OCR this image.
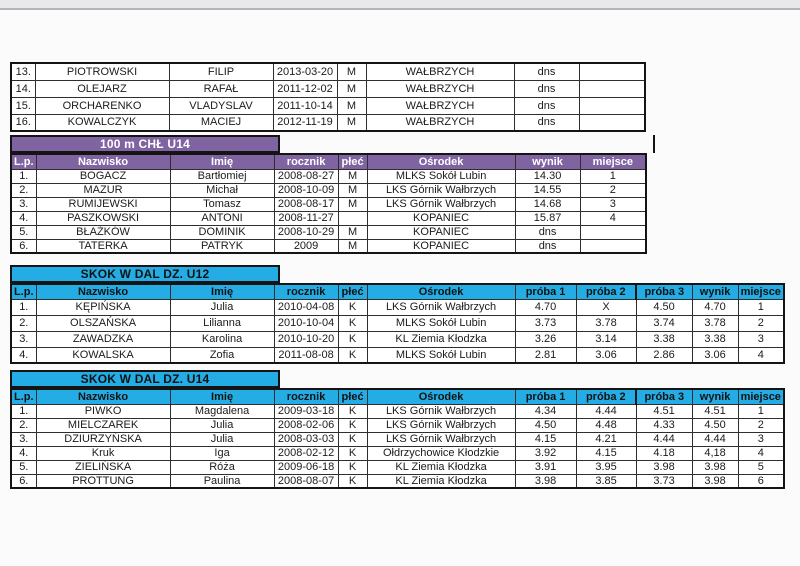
13.	PIOTROWSKI	FILIP	2013-03-20	M	WAŁBRZYCH	dns	
14.	OLEJARZ	RAFAŁ	2011-12-02	M	WAŁBRZYCH	dns	
15.	ORCHARENKO	VLADYSLAV	2011-10-14	M	WAŁBRZYCH	dns	
16.	KOWALCZYK	MACIEJ	2012-11-19	M	WAŁBRZYCH	dns	
100 m CHŁ U14
L.p.	Nazwisko	Imię	rocznik	płeć	Ośrodek	wynik	miejsce
1.	BOGACZ	Bartłomiej	2008-08-27	M	MLKS Sokół Lubin	14.30	1
2.	MAZUR	Michał	2008-10-09	M	LKS Górnik Wałbrzych	14.55	2
3.	RUMIJEWSKI	Tomasz	2008-08-17	M	LKS Górnik Wałbrzych	14.68	3
4.	PASZKOWSKI	ANTONI	2008-11-27		KOPANIEC	15.87	4
5.	BŁAŻKÓW	DOMINIK	2008-10-29	M	KOPANIEC	dns	
6.	TATERKA	PATRYK	2009	M	KOPANIEC	dns	
SKOK W DAL DZ. U12
L.p.	Nazwisko	Imię	rocznik	płeć	Ośrodek	próba 1	próba 2	próba 3	wynik	miejsce
1.	KĘPIŃSKA	Julia	2010-04-08	K	LKS Górnik Wałbrzych	4.70	X	4.50	4.70	1
2.	OLSZAŃSKA	Lilianna	2010-10-04	K	MLKS Sokół Lubin	3.73	3.78	3.74	3.78	2
3.	ZAWADZKA	Karolina	2010-10-20	K	KL Ziemia Kłodzka	3.26	3.14	3.38	3.38	3
4.	KOWALSKA	Zofia	2011-08-08	K	MLKS Sokół Lubin	2.81	3.06	2.86	3.06	4
SKOK W DAL DZ. U14
L.p.	Nazwisko	Imię	rocznik	płeć	Ośrodek	próba 1	próba 2	próba 3	wynik	miejsce
1.	PIWKO	Magdalena	2009-03-18	K	LKS Górnik Wałbrzych	4.34	4.44	4.51	4.51	1
2.	MIELCZAREK	Julia	2008-02-06	K	LKS Górnik Wałbrzych	4.50	4.48	4.33	4.50	2
3.	DZIURZYŃSKA	Julia	2008-03-03	K	LKS Górnik Wałbrzych	4.15	4.21	4.44	4.44	3
4.	Kruk	Iga	2008-02-12	K	Ołdrzychowice Kłodzkie	3.92	4.15	4.18	4,18	4
5.	ZIELIŃSKA	Róża	2009-06-18	K	KL Ziemia Kłodzka	3.91	3.95	3.98	3.98	5
6.	PROTTUNG	Paulina	2008-08-07	K	KL Ziemia Kłodzka	3.98	3.85	3.73	3.98	6
